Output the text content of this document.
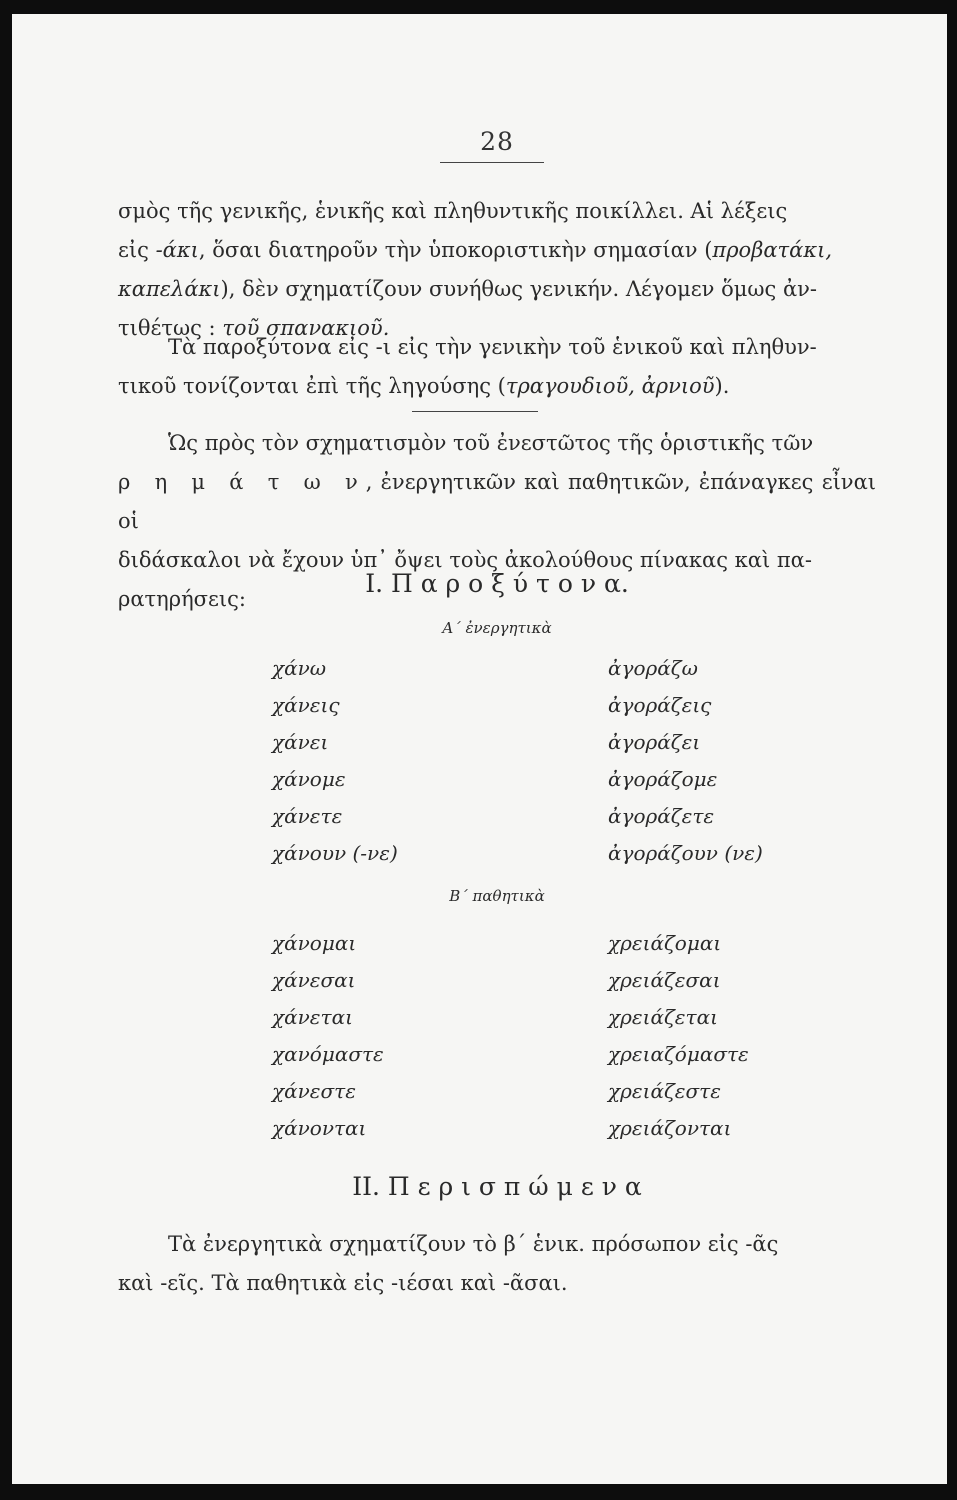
28

σμὸς τῆς γενικῆς, ἑνικῆς καὶ πληθυντικῆς ποικίλλει. Αἱ λέξεις
εἰς -άκι, ὅσαι διατηροῦν τὴν ὑποκοριστικὴν σημασίαν (προβατάκι,
καπελάκι), δὲν σχηματίζουν συνήθως γενικήν. Λέγομεν ὅμως ἀν-
τιθέτως : τοῦ σπανακιοῦ.

Τὰ παροξύτονα εἰς -ι εἰς τὴν γενικὴν τοῦ ἑνικοῦ καὶ πληθυν-
τικοῦ τονίζονται ἐπὶ τῆς ληγούσης (τραγουδιοῦ, ἀρνιοῦ).

Ὡς πρὸς τὸν σχηματισμὸν τοῦ ἐνεστῶτος τῆς ὁριστικῆς τῶν
ρ η μ ά τ ω ν, ἐνεργητικῶν καὶ παθητικῶν, ἐπάναγκες εἶναι οἱ
διδάσκαλοι νὰ ἔχουν ὑπ᾽ ὄψει τοὺς ἀκολούθους πίνακας καὶ πα-
ρατηρήσεις:

I. Π α ρ ο ξ ύ τ ο ν α.
Α΄ ἐνεργητικὰ
χάνω
χάνεις
χάνει
χάνομε
χάνετε
χάνουν (-νε)
ἀγοράζω
ἀγοράζεις
ἀγοράζει
ἀγοράζομε
ἀγοράζετε
ἀγοράζουν (νε)
Β΄ παθητικὰ
χάνομαι
χάνεσαι
χάνεται
χανόμαστε
χάνεστε
χάνονται
χρειάζομαι
χρειάζεσαι
χρειάζεται
χρειαζόμαστε
χρειάζεστε
χρειάζονται
II. Π ε ρ ι σ π ώ μ ε ν α

Τὰ ἐνεργητικὰ σχηματίζουν τὸ β΄ ἑνικ. πρόσωπον εἰς -ᾶς
καὶ -εῖς. Τὰ παθητικὰ εἰς -ιέσαι καὶ -ᾶσαι.
